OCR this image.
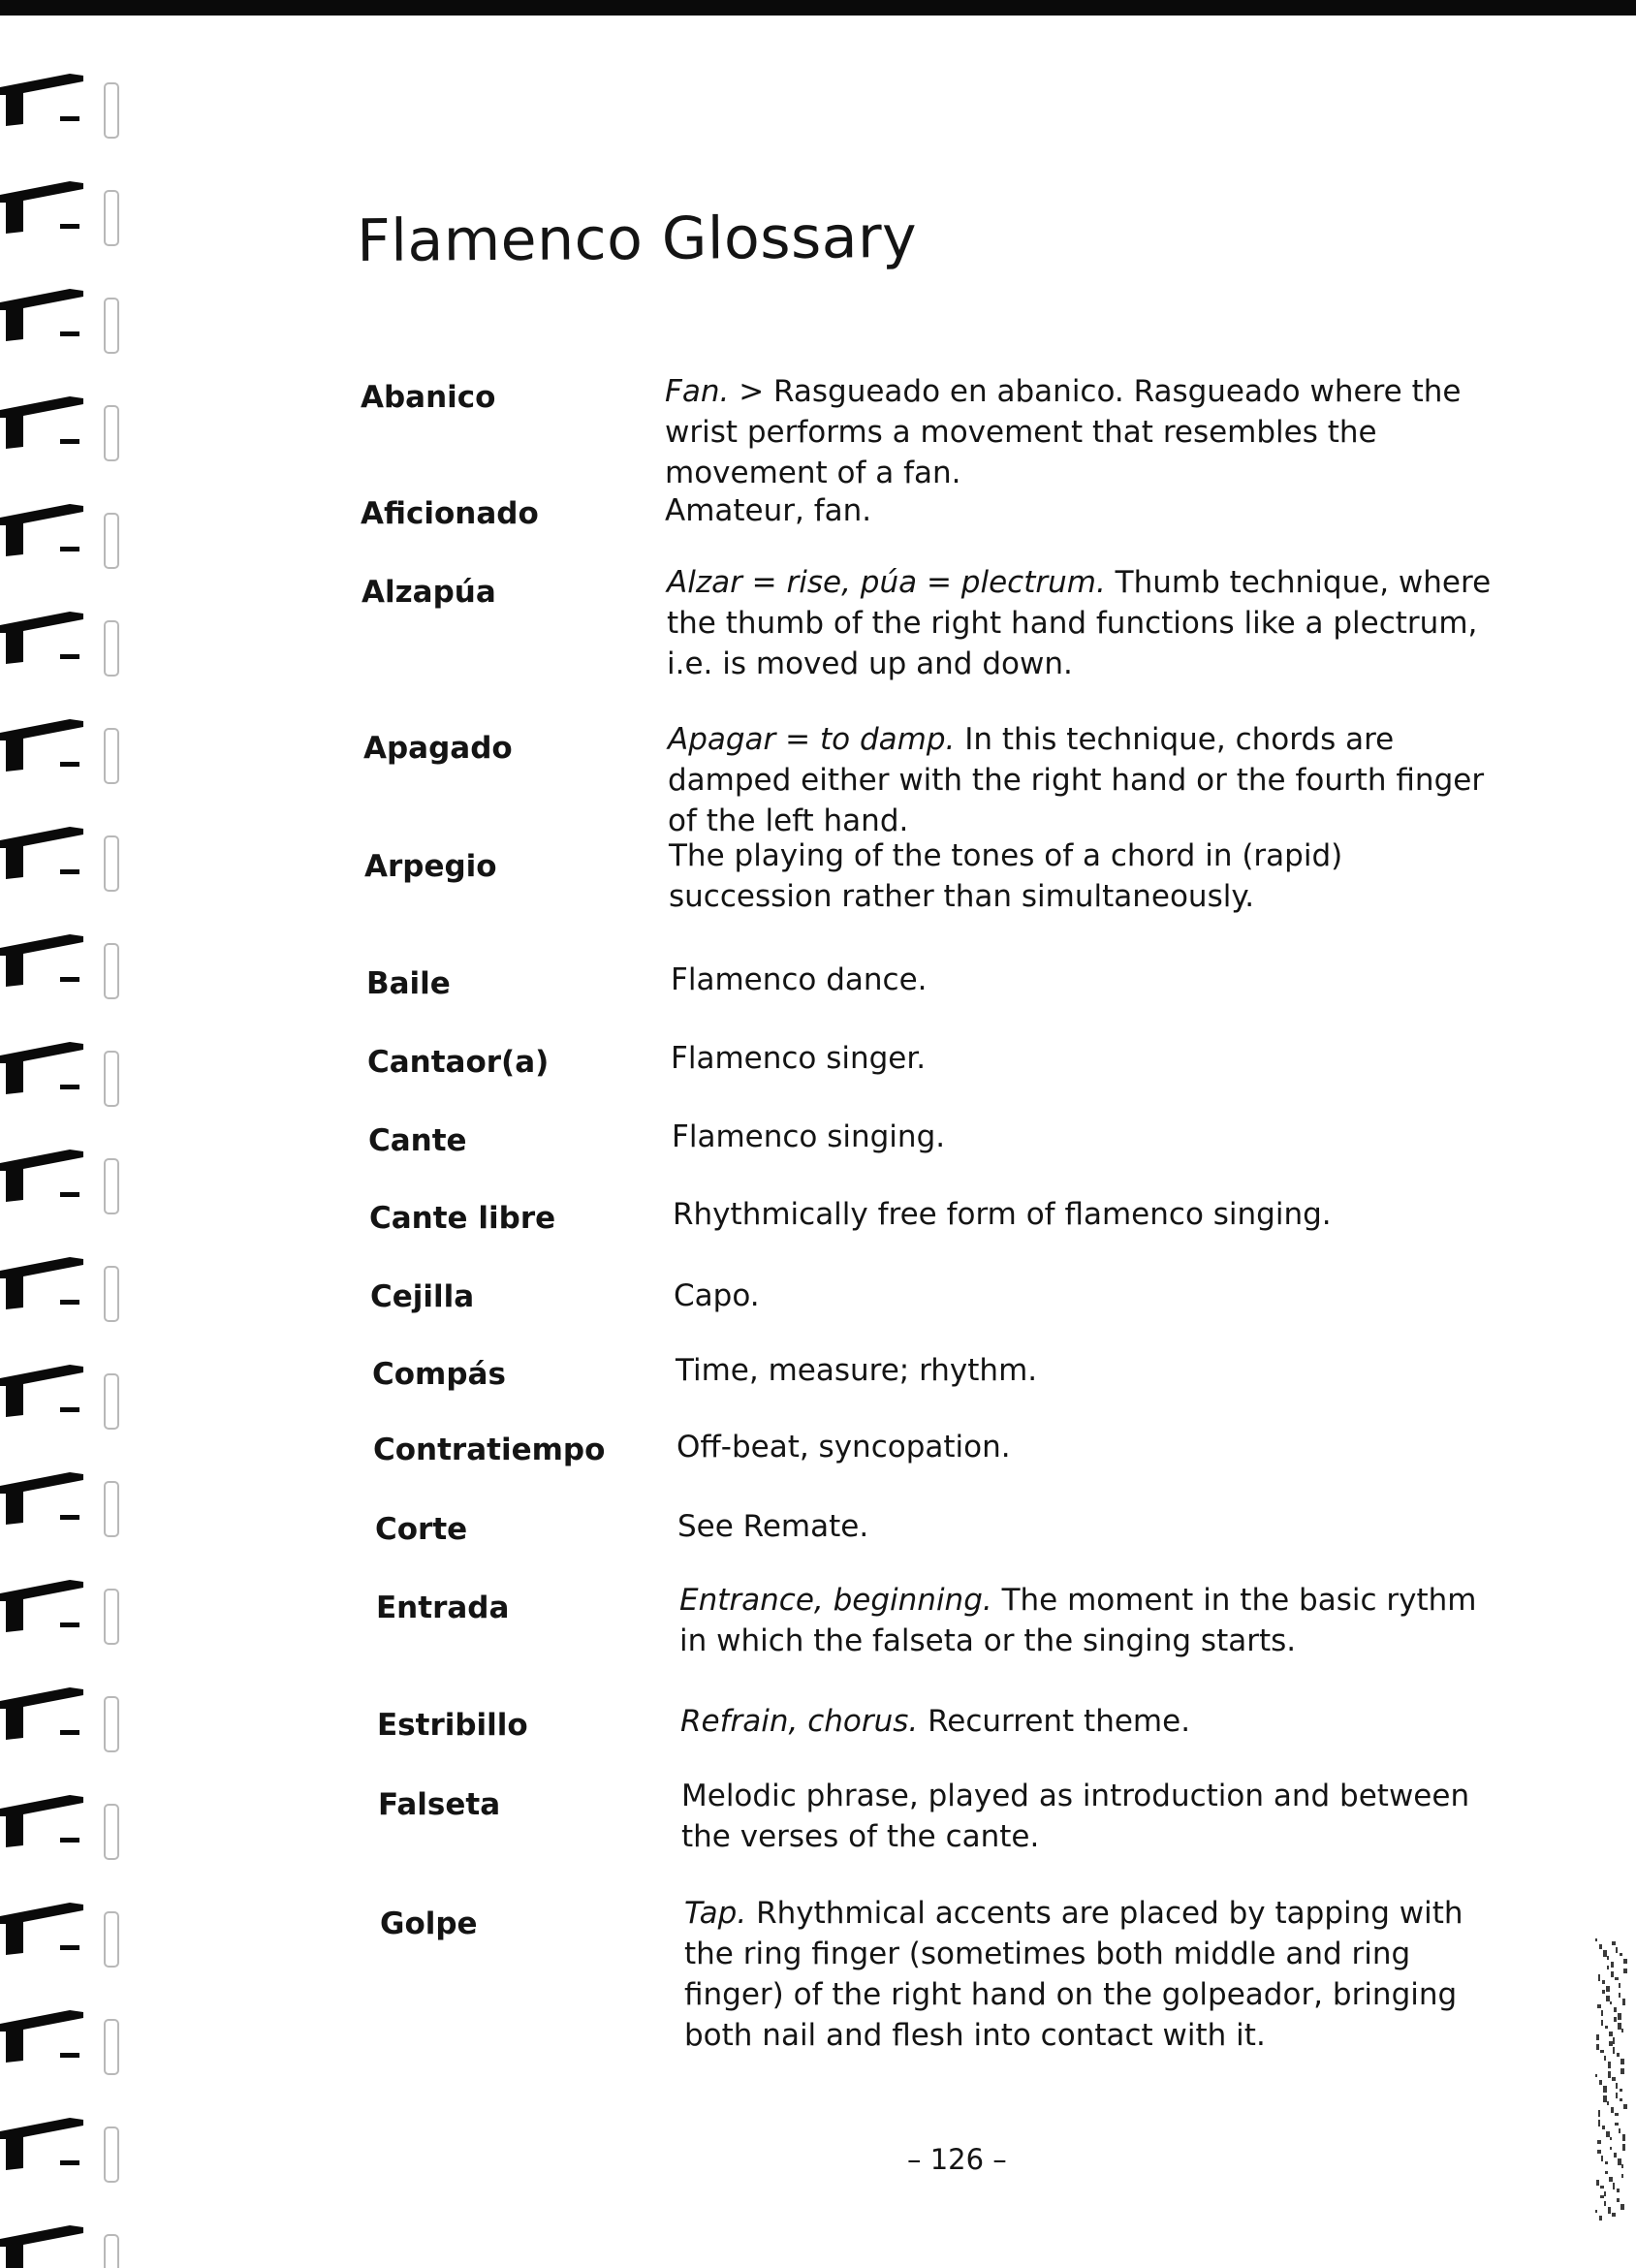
Flamenco Glossary
Abanico	Fan. > Rasgueado en abanico. Rasgueado where the wrist performs a movement that resembles the movement of a fan.
Aficionado	Amateur, fan.
Alzapúa	Alzar = rise, púa = plectrum. Thumb technique, where the thumb of the right hand functions like a plectrum, i.e. is moved up and down.
Apagado	Apagar = to damp. In this technique, chords are damped either with the right hand or the fourth finger of the left hand.
Arpegio	The playing of the tones of a chord in (rapid) succession rather than simultaneously.
Baile	Flamenco dance.
Cantaor(a)	Flamenco singer.
Cante	Flamenco singing.
Cante libre	Rhythmically free form of flamenco singing.
Cejilla	Capo.
Compás	Time, measure; rhythm.
Contratiempo Off-beat, syncopation.
Corte	See Remate.
Entrada	Entrance, beginning. The moment in the basic rythm in which the falseta or the singing starts.
Estribillo	Refrain, chorus. Recurrent theme.
Falseta	Melodic phrase, played as introduction and between the verses of the cante.
Golpe	Tap. Rhythmical accents are placed by tapping with the ring finger (sometimes both middle and ring finger) of the right hand on the golpeador, bringing both nail and flesh into contact with it.
– 126 –
